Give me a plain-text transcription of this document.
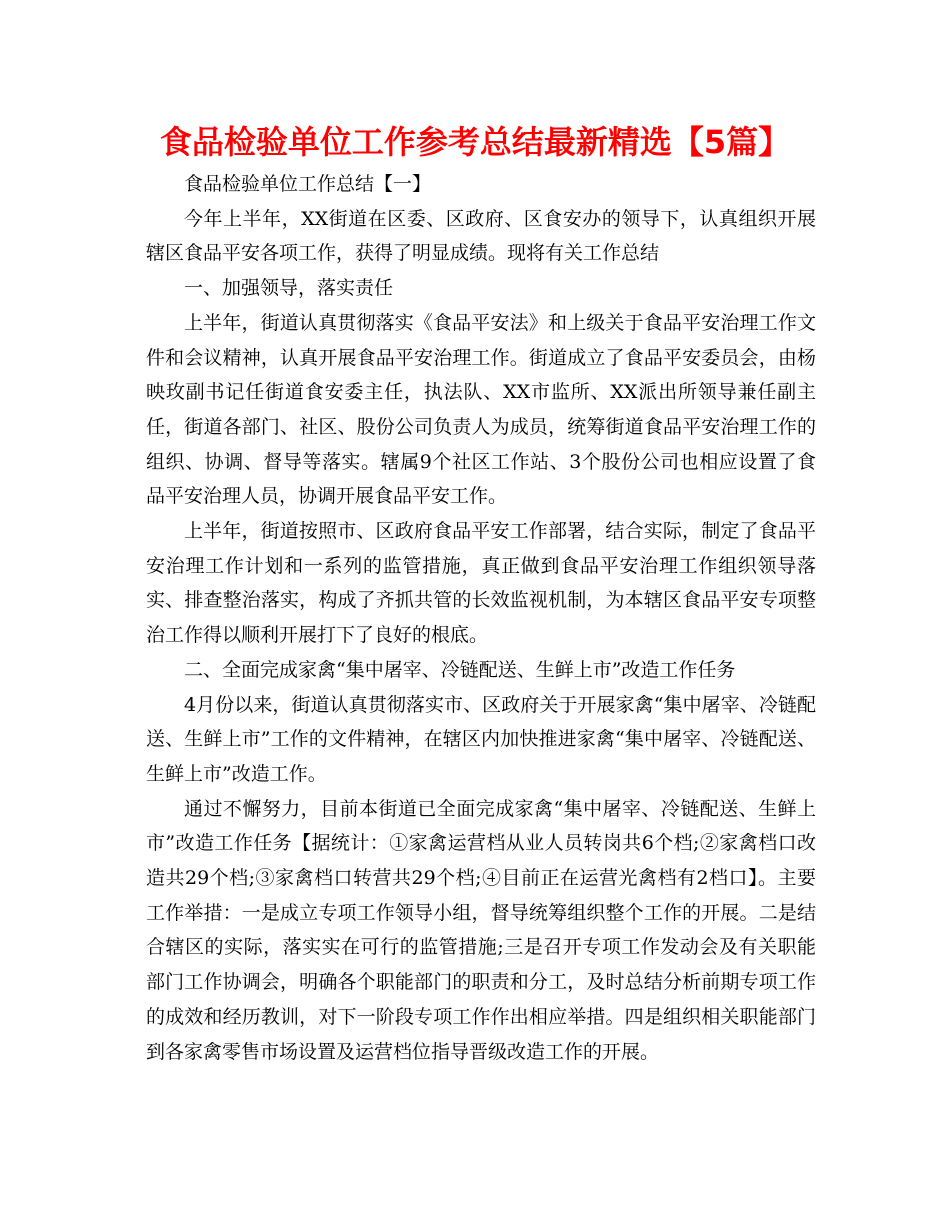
食品检验单位工作参考总结最新精选【5篇】

食品检验单位工作总结【一】

今年上半年，XX街道在区委、区政府、区食安办的领导下，认真组织开展辖区食品平安各项工作，获得了明显成绩。现将有关工作总结

一、加强领导，落实责任

上半年，街道认真贯彻落实《食品平安法》和上级关于食品平安治理工作文件和会议精神，认真开展食品平安治理工作。街道成立了食品平安委员会，由杨映玫副书记任街道食安委主任，执法队、XX市监所、XX派出所领导兼任副主任，街道各部门、社区、股份公司负责人为成员，统筹街道食品平安治理工作的组织、协调、督导等落实。辖属9个社区工作站、3个股份公司也相应设置了食品平安治理人员，协调开展食品平安工作。

上半年，街道按照市、区政府食品平安工作部署，结合实际，制定了食品平安治理工作计划和一系列的监管措施，真正做到食品平安治理工作组织领导落实、排查整治落实，构成了齐抓共管的长效监视机制，为本辖区食品平安专项整治工作得以顺利开展打下了良好的根底。

二、全面完成家禽“集中屠宰、冷链配送、生鲜上市”改造工作任务

4月份以来，街道认真贯彻落实市、区政府关于开展家禽“集中屠宰、冷链配送、生鲜上市”工作的文件精神，在辖区内加快推进家禽“集中屠宰、冷链配送、生鲜上市”改造工作。

通过不懈努力，目前本街道已全面完成家禽“集中屠宰、冷链配送、生鲜上市”改造工作任务【据统计：①家禽运营档从业人员转岗共6个档;②家禽档口改造共29个档;③家禽档口转营共29个档;④目前正在运营光禽档有2档口】。主要工作举措：一是成立专项工作领导小组，督导统筹组织整个工作的开展。二是结合辖区的实际，落实实在可行的监管措施;三是召开专项工作发动会及有关职能部门工作协调会，明确各个职能部门的职责和分工，及时总结分析前期专项工作的成效和经历教训，对下一阶段专项工作作出相应举措。四是组织相关职能部门到各家禽零售市场设置及运营档位指导晋级改造工作的开展。
